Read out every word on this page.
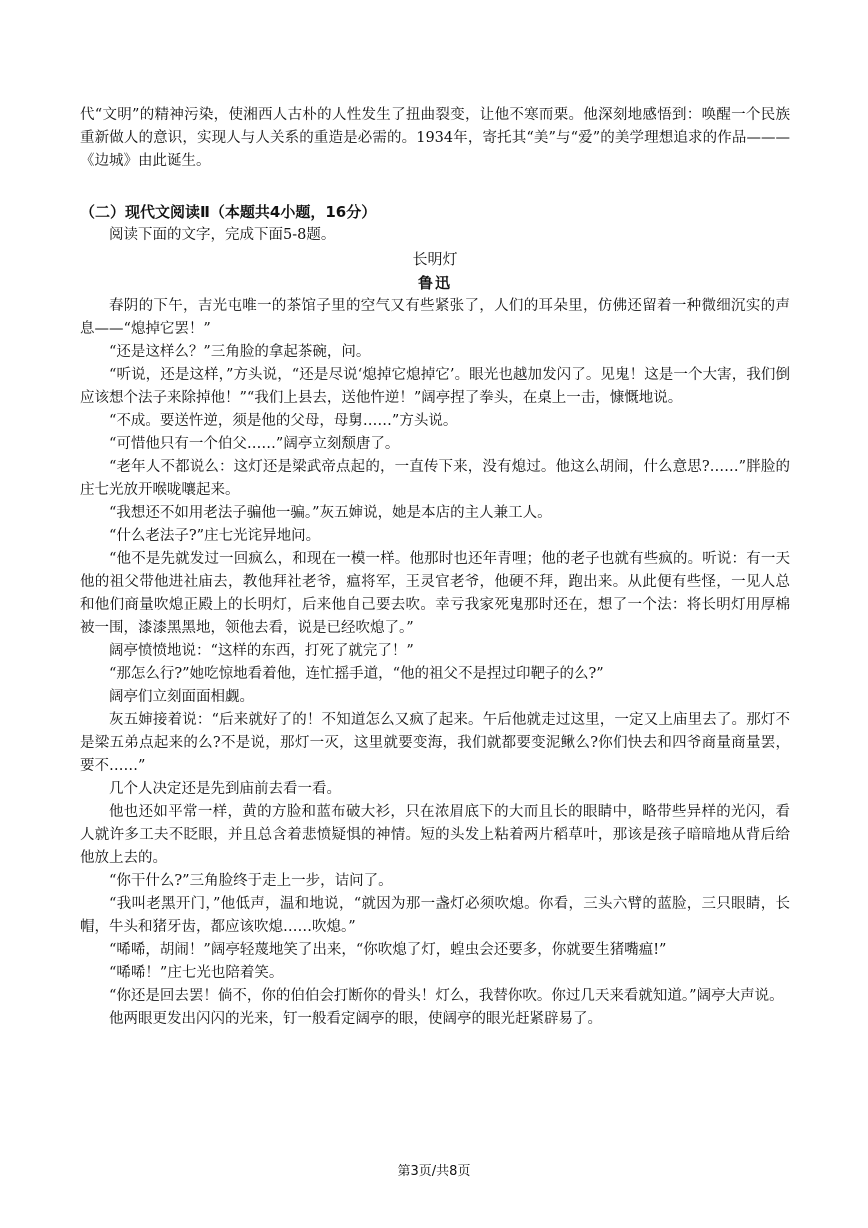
代“文明”的精神污染，使湘西人古朴的人性发生了扭曲裂变，让他不寒而栗。他深刻地感悟到：唤醒一个民族重新做人的意识，实现人与人关系的重造是必需的。1934年，寄托其“美”与“爱”的美学理想追求的作品———《边城》由此诞生。

（二）现代文阅读Ⅱ（本题共4小题，16分）

阅读下面的文字，完成下面5-8题。

长明灯

鲁迅

春阴的下午，吉光屯唯一的茶馆子里的空气又有些紧张了，人们的耳朵里，仿佛还留着一种微细沉实的声息——“熄掉它罢！”

“还是这样么？”三角脸的拿起茶碗，问。

“听说，还是这样，”方头说，“还是尽说‘熄掉它熄掉它’。眼光也越加发闪了。见鬼！这是一个大害，我们倒应该想个法子来除掉他！”“我们上县去，送他忤逆！”阔亭捏了拳头，在桌上一击，慷慨地说。

“不成。要送忤逆，须是他的父母，母舅……”方头说。

“可惜他只有一个伯父……”阔亭立刻颓唐了。

“老年人不都说么：这灯还是梁武帝点起的，一直传下来，没有熄过。他这么胡闹，什么意思?……”胖脸的庄七光放开喉咙嚷起来。

“我想还不如用老法子骗他一骗。”灰五婶说，她是本店的主人兼工人。

“什么老法子?”庄七光诧异地问。

“他不是先就发过一回疯么，和现在一模一样。他那时也还年青哩；他的老子也就有些疯的。听说：有一天他的祖父带他进社庙去，教他拜社老爷，瘟将军，王灵官老爷，他硬不拜，跑出来。从此便有些怪，一见人总和他们商量吹熄正殿上的长明灯，后来他自己要去吹。幸亏我家死鬼那时还在，想了一个法：将长明灯用厚棉被一围，漆漆黑黑地，领他去看，说是已经吹熄了。”

阔亭愤愤地说：“这样的东西，打死了就完了！”

“那怎么行?”她吃惊地看着他，连忙摇手道，“他的祖父不是捏过印靶子的么?”

阔亭们立刻面面相觑。

灰五婶接着说：“后来就好了的！不知道怎么又疯了起来。午后他就走过这里，一定又上庙里去了。那灯不是梁五弟点起来的么?不是说，那灯一灭，这里就要变海，我们就都要变泥鳅么?你们快去和四爷商量商量罢，要不……”

几个人决定还是先到庙前去看一看。

他也还如平常一样，黄的方脸和蓝布破大衫，只在浓眉底下的大而且长的眼睛中，略带些异样的光闪，看人就许多工夫不眨眼，并且总含着悲愤疑惧的神情。短的头发上粘着两片稻草叶，那该是孩子暗暗地从背后给他放上去的。

“你干什么?”三角脸终于走上一步，诘问了。

“我叫老黑开门，”他低声，温和地说，“就因为那一盏灯必须吹熄。你看，三头六臂的蓝脸，三只眼睛，长帽，牛头和猪牙齿，都应该吹熄……吹熄。”

“唏唏，胡闹！”阔亭轻蔑地笑了出来，“你吹熄了灯，蝗虫会还要多，你就要生猪嘴瘟!”

“唏唏！”庄七光也陪着笑。

“你还是回去罢！倘不，你的伯伯会打断你的骨头！灯么，我替你吹。你过几天来看就知道。”阔亭大声说。

他两眼更发出闪闪的光来，钉一般看定阔亭的眼，使阔亭的眼光赶紧辟易了。

第3页/共8页
